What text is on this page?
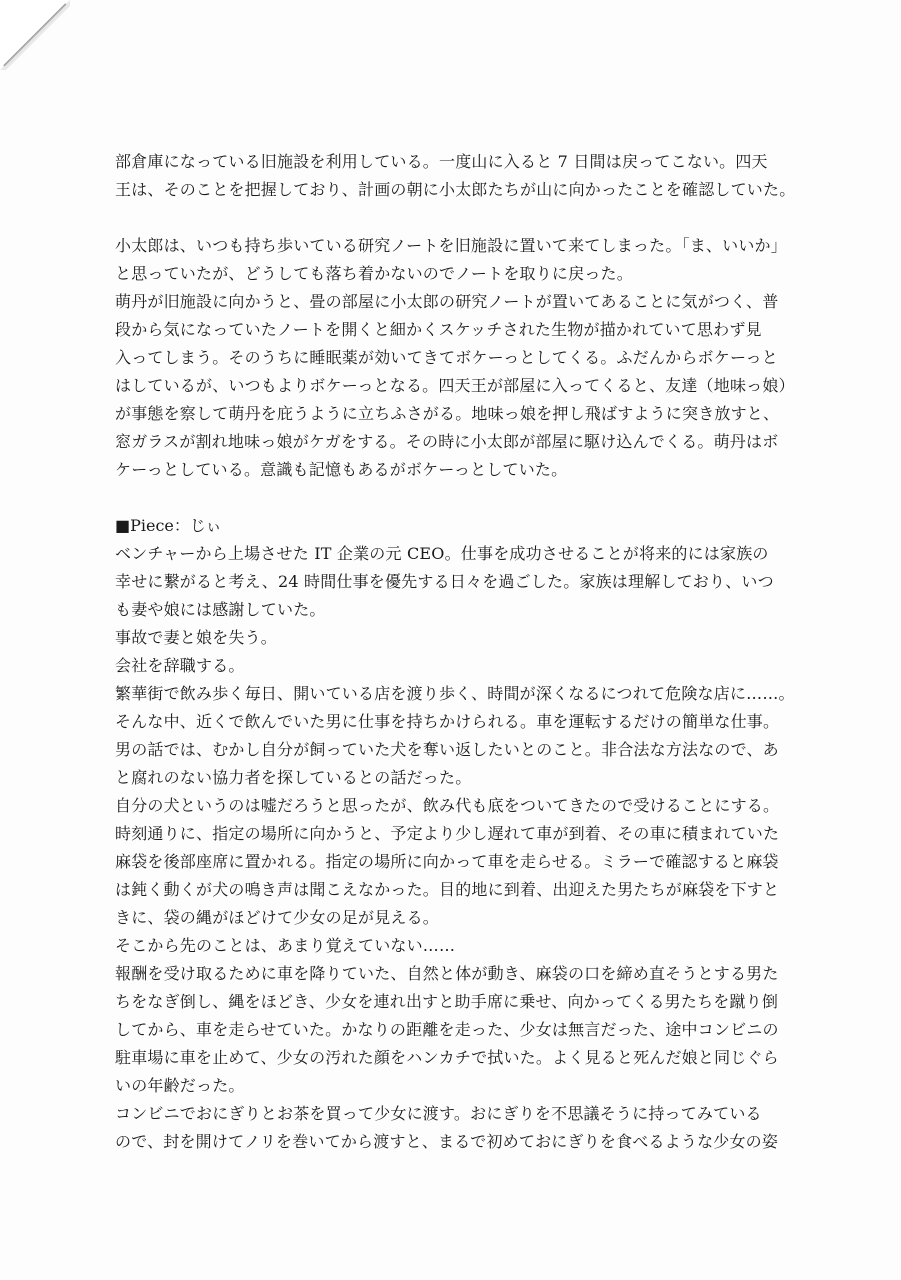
部倉庫になっている旧施設を利用している。一度山に入ると 7 日間は戻ってこない。四天
王は、そのことを把握しており、計画の朝に小太郎たちが山に向かったことを確認していた。
小太郎は、いつも持ち歩いている研究ノートを旧施設に置いて来てしまった。「ま、いいか」
と思っていたが、どうしても落ち着かないのでノートを取りに戻った。
萌丹が旧施設に向かうと、畳の部屋に小太郎の研究ノートが置いてあることに気がつく、普
段から気になっていたノートを開くと細かくスケッチされた生物が描かれていて思わず見
入ってしまう。そのうちに睡眠薬が効いてきてボケーっとしてくる。ふだんからボケーっと
はしているが、いつもよりボケーっとなる。四天王が部屋に入ってくると、友達（地味っ娘）
が事態を察して萌丹を庇うように立ちふさがる。地味っ娘を押し飛ばすように突き放すと、
窓ガラスが割れ地味っ娘がケガをする。その時に小太郎が部屋に駆け込んでくる。萌丹はボ
ケーっとしている。意識も記憶もあるがボケーっとしていた。
■Piece：じぃ
ベンチャーから上場させた IT 企業の元 CEO。仕事を成功させることが将来的には家族の
幸せに繋がると考え、24 時間仕事を優先する日々を過ごした。家族は理解しており、いつ
も妻や娘には感謝していた。
事故で妻と娘を失う。
会社を辞職する。
繁華街で飲み歩く毎日、開いている店を渡り歩く、時間が深くなるにつれて危険な店に……。
そんな中、近くで飲んでいた男に仕事を持ちかけられる。車を運転するだけの簡単な仕事。
男の話では、むかし自分が飼っていた犬を奪い返したいとのこと。非合法な方法なので、あ
と腐れのない協力者を探しているとの話だった。
自分の犬というのは嘘だろうと思ったが、飲み代も底をついてきたので受けることにする。
時刻通りに、指定の場所に向かうと、予定より少し遅れて車が到着、その車に積まれていた
麻袋を後部座席に置かれる。指定の場所に向かって車を走らせる。ミラーで確認すると麻袋
は鈍く動くが犬の鳴き声は聞こえなかった。目的地に到着、出迎えた男たちが麻袋を下すと
きに、袋の縄がほどけて少女の足が見える。
そこから先のことは、あまり覚えていない……
報酬を受け取るために車を降りていた、自然と体が動き、麻袋の口を締め直そうとする男た
ちをなぎ倒し、縄をほどき、少女を連れ出すと助手席に乗せ、向かってくる男たちを蹴り倒
してから、車を走らせていた。かなりの距離を走った、少女は無言だった、途中コンビニの
駐車場に車を止めて、少女の汚れた顔をハンカチで拭いた。よく見ると死んだ娘と同じぐら
いの年齢だった。
コンビニでおにぎりとお茶を買って少女に渡す。おにぎりを不思議そうに持ってみている
ので、封を開けてノリを巻いてから渡すと、まるで初めておにぎりを食べるような少女の姿
